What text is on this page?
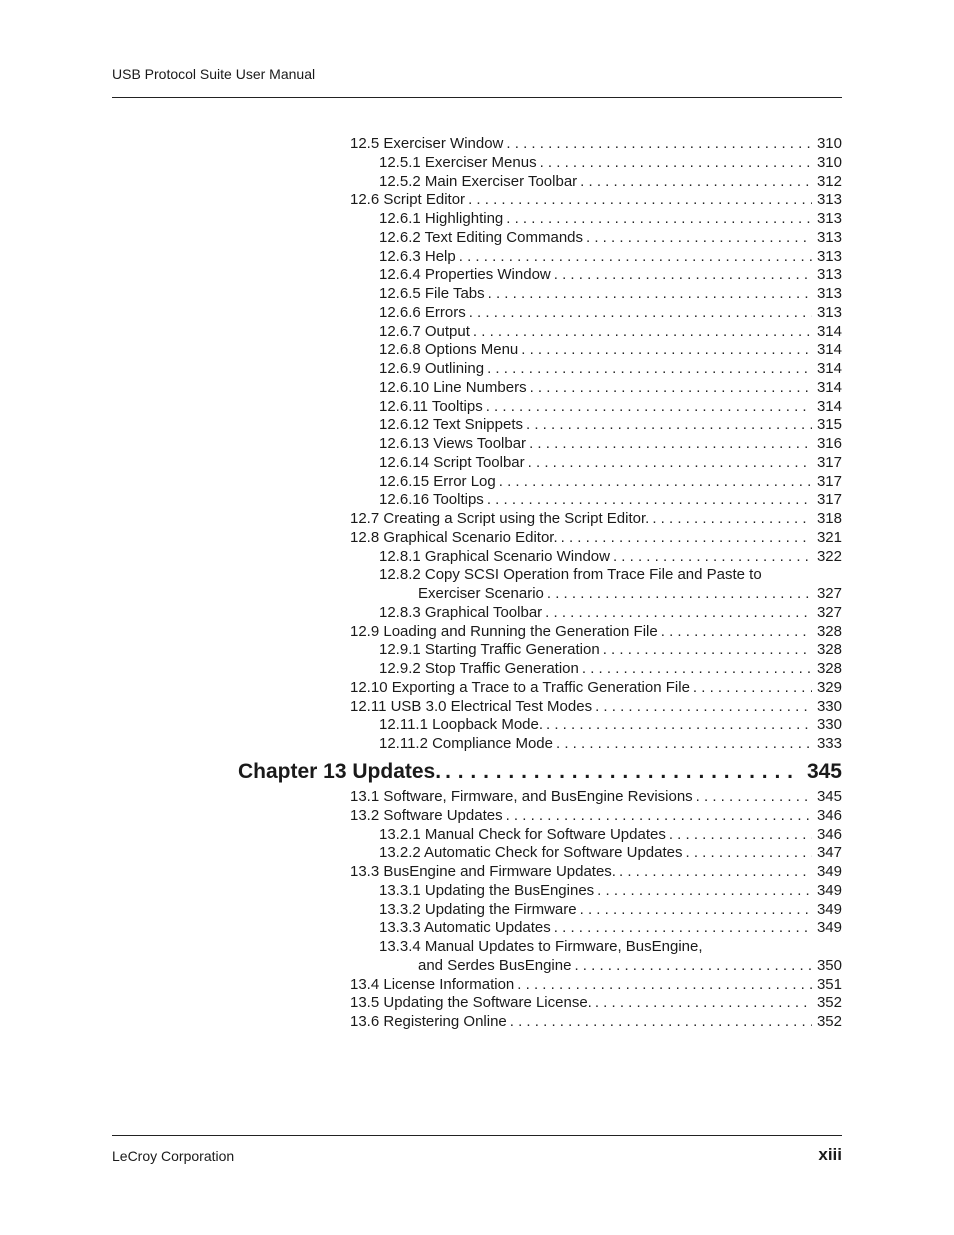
USB Protocol Suite User Manual
12.5 Exerciser Window . . .	310
12.5.1 Exerciser Menus . . .	310
12.5.2 Main Exerciser Toolbar . . .	312
12.6 Script Editor . . .	313
12.6.1 Highlighting . . .	313
12.6.2 Text Editing Commands . . .	313
12.6.3 Help . . .	313
12.6.4 Properties Window . . .	313
12.6.5 File Tabs . . .	313
12.6.6 Errors . . .	313
12.6.7 Output . . .	314
12.6.8 Options Menu . . .	314
12.6.9 Outlining . . .	314
12.6.10 Line Numbers . . .	314
12.6.11 Tooltips . . .	314
12.6.12 Text Snippets . . .	315
12.6.13 Views Toolbar . . .	316
12.6.14 Script Toolbar . . .	317
12.6.15 Error Log . . .	317
12.6.16 Tooltips . . .	317
12.7 Creating a Script using the Script Editor. . . .	318
12.8 Graphical Scenario Editor. . . .	321
12.8.1 Graphical Scenario Window . . .	322
12.8.2 Copy SCSI Operation from Trace File and Paste to
Exerciser Scenario . . .	327
12.8.3 Graphical Toolbar . . .	327
12.9 Loading and Running the Generation File . . .	328
12.9.1 Starting Traffic Generation . . .	328
12.9.2 Stop Traffic Generation . . .	328
12.10 Exporting a Trace to a Traffic Generation File . . .	329
12.11 USB 3.0 Electrical Test Modes . . .	330
12.11.1 Loopback Mode. . . .	330
12.11.2 Compliance Mode . . .	333
Chapter 13 Updates. . . .	345
13.1 Software, Firmware, and BusEngine Revisions . . .	345
13.2 Software Updates . . .	346
13.2.1 Manual Check for Software Updates . . .	346
13.2.2 Automatic Check for Software Updates . . .	347
13.3 BusEngine and Firmware Updates. . . .	349
13.3.1 Updating the BusEngines . . .	349
13.3.2 Updating the Firmware . . .	349
13.3.3 Automatic Updates . . .	349
13.3.4 Manual Updates to Firmware, BusEngine,
and Serdes BusEngine . . .	350
13.4 License Information . . .	351
13.5 Updating the Software License. . . .	352
13.6 Registering Online . . .	352
LeCroy Corporation	xiii
